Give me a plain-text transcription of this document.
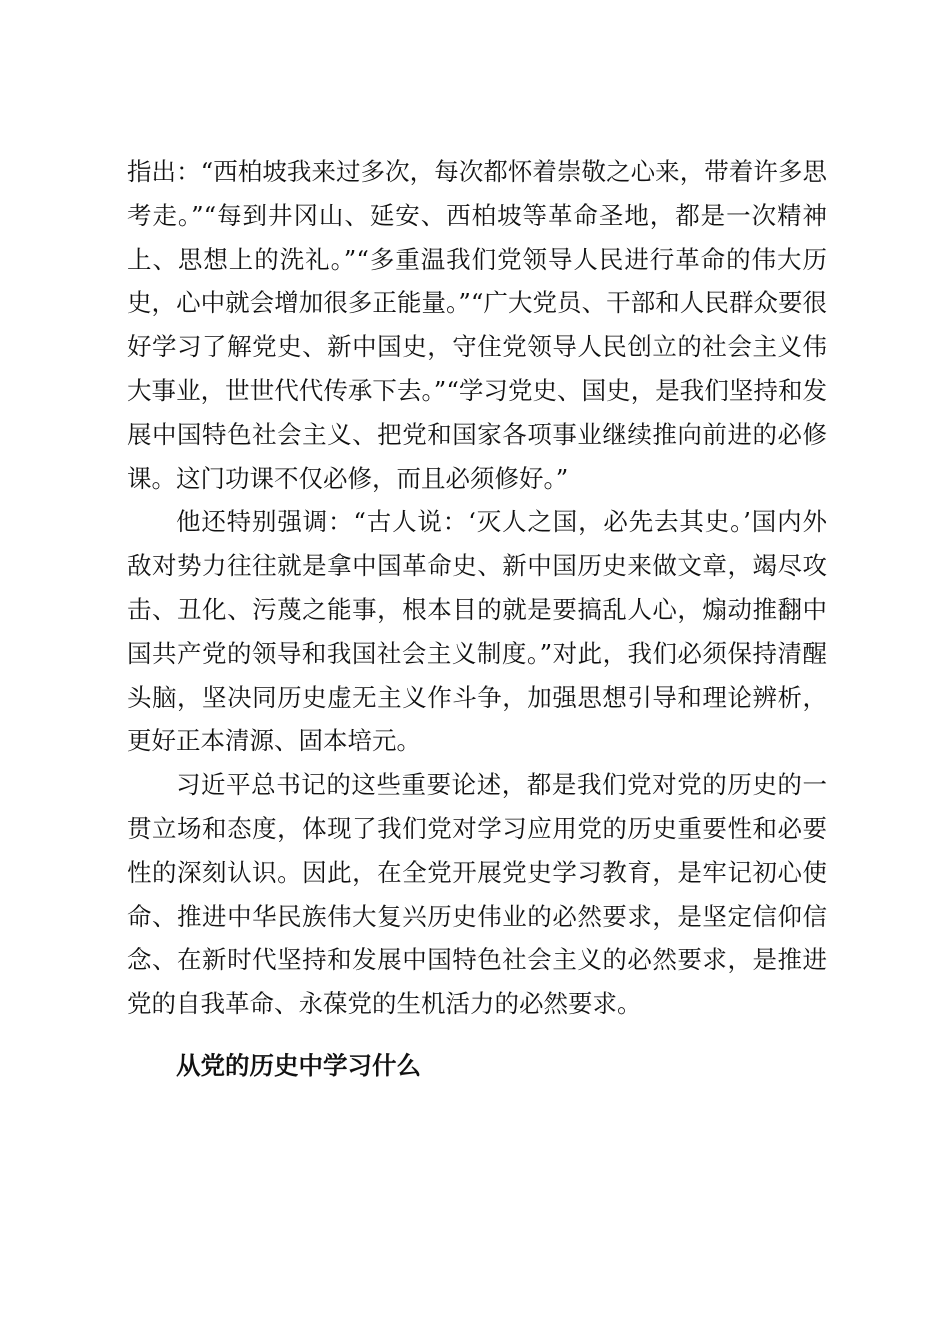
指出：“西柏坡我来过多次，每次都怀着崇敬之心来，带着许多思考走。”“每到井冈山、延安、西柏坡等革命圣地，都是一次精神上、思想上的洗礼。”“多重温我们党领导人民进行革命的伟大历史，心中就会增加很多正能量。”“广大党员、干部和人民群众要很好学习了解党史、新中国史，守住党领导人民创立的社会主义伟大事业，世世代代传承下去。”“学习党史、国史，是我们坚持和发展中国特色社会主义、把党和国家各项事业继续推向前进的必修课。这门功课不仅必修，而且必须修好。”

他还特别强调：“古人说：‘灭人之国，必先去其史。’国内外敌对势力往往就是拿中国革命史、新中国历史来做文章，竭尽攻击、丑化、污蔑之能事，根本目的就是要搞乱人心，煽动推翻中国共产党的领导和我国社会主义制度。”对此，我们必须保持清醒头脑，坚决同历史虚无主义作斗争，加强思想引导和理论辨析，更好正本清源、固本培元。

习近平总书记的这些重要论述，都是我们党对党的历史的一贯立场和态度，体现了我们党对学习应用党的历史重要性和必要性的深刻认识。因此，在全党开展党史学习教育，是牢记初心使命、推进中华民族伟大复兴历史伟业的必然要求，是坚定信仰信念、在新时代坚持和发展中国特色社会主义的必然要求，是推进党的自我革命、永葆党的生机活力的必然要求。

从党的历史中学习什么
